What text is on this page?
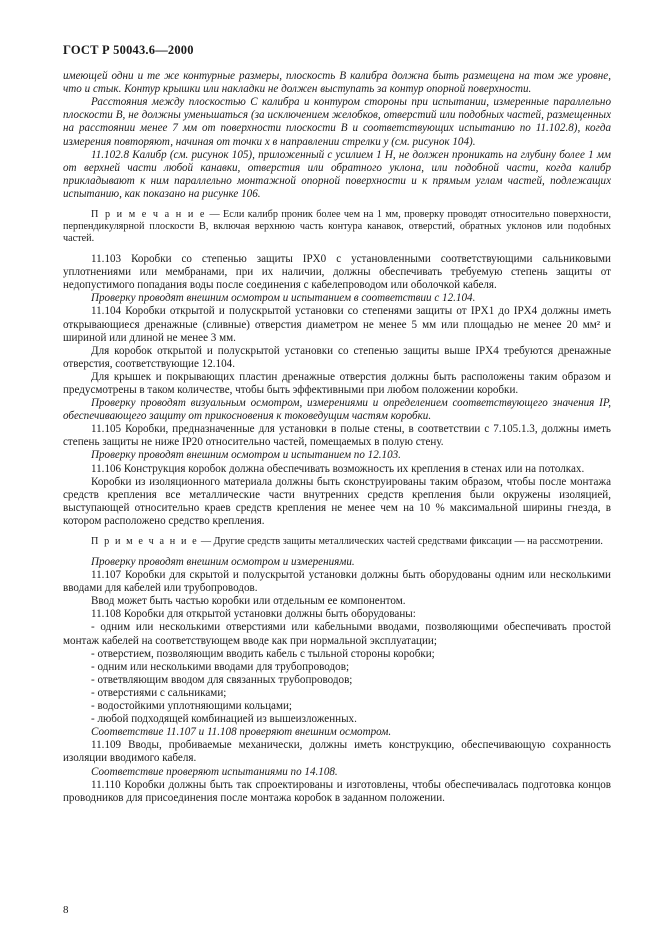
ГОСТ Р 50043.6—2000

имеющей одни и те же контурные размеры, плоскость B калибра должна быть размещена на том же уровне, что и стык. Контур крышки или накладки не должен выступать за контур опорной поверхности.

Расстояния между плоскостью C калибра и контуром стороны при испытании, измеренные параллельно плоскости B, не должны уменьшаться (за исключением желобков, отверстий или подобных частей, размещенных на расстоянии менее 7 мм от поверхности плоскости B и соответствующих испытанию по 11.102.8), когда измерения повторяют, начиная от точки x в направлении стрелки y (см. рисунок 104).

11.102.8 Калибр (см. рисунок 105), приложенный с усилием 1 Н, не должен проникать на глубину более 1 мм от верхней части любой канавки, отверстия или обратного уклона, или подобной части, когда калибр прикладывают к ним параллельно монтажной опорной поверхности и к прямым углам частей, подлежащих испытанию, как показано на рисунке 106.

П р и м е ч а н и е — Если калибр проник более чем на 1 мм, проверку проводят относительно поверхности, перпендикулярной плоскости B, включая верхнюю часть контура канавок, отверстий, обратных уклонов или подобных частей.

11.103 Коробки со степенью защиты IPX0 с установленными соответствующими сальниковыми уплотнениями или мембранами, при их наличии, должны обеспечивать требуемую степень защиты от недопустимого попадания воды после соединения с кабелепроводом или оболочкой кабеля.

Проверку проводят внешним осмотром и испытанием в соответствии с 12.104.

11.104 Коробки открытой и полускрытой установки со степенями защиты от IPX1 до IPX4 должны иметь открывающиеся дренажные (сливные) отверстия диаметром не менее 5 мм или площадью не менее 20 мм² и шириной или длиной не менее 3 мм.

Для коробок открытой и полускрытой установки со степенью защиты выше IPX4 требуются дренажные отверстия, соответствующие 12.104.

Для крышек и покрывающих пластин дренажные отверстия должны быть расположены таким образом и предусмотрены в таком количестве, чтобы быть эффективными при любом положении коробки.

Проверку проводят визуальным осмотром, измерениями и определением соответствующего значения IP, обеспечивающего защиту от прикосновения к токоведущим частям коробки.

11.105 Коробки, предназначенные для установки в полые стены, в соответствии с 7.105.1.3, должны иметь степень защиты не ниже IP20 относительно частей, помещаемых в полую стену.

Проверку проводят внешним осмотром и испытанием по 12.103.

11.106 Конструкция коробок должна обеспечивать возможность их крепления в стенах или на потолках.

Коробки из изоляционного материала должны быть сконструированы таким образом, чтобы после монтажа средств крепления все металлические части внутренних средств крепления были окружены изоляцией, выступающей относительно краев средств крепления не менее чем на 10 % максимальной ширины гнезда, в котором расположено средство крепления.

П р и м е ч а н и е — Другие средств защиты металлических частей средствами фиксации — на рассмотрении.

Проверку проводят внешним осмотром и измерениями.

11.107 Коробки для скрытой и полускрытой установки должны быть оборудованы одним или несколькими вводами для кабелей или трубопроводов.

Ввод может быть частью коробки или отдельным ее компонентом.

11.108 Коробки для открытой установки должны быть оборудованы:

- одним или несколькими отверстиями или кабельными вводами, позволяющими обеспечивать простой монтаж кабелей на соответствующем вводе как при нормальной эксплуатации;

- отверстием, позволяющим вводить кабель с тыльной стороны коробки;

- одним или несколькими вводами для трубопроводов;

- ответвляющим вводом для связанных трубопроводов;

- отверстиями с сальниками;

- водостойкими уплотняющими кольцами;

- любой подходящей комбинацией из вышеизложенных.

Соответствие 11.107 и 11.108 проверяют внешним осмотром.

11.109 Вводы, пробиваемые механически, должны иметь конструкцию, обеспечивающую сохранность изоляции вводимого кабеля.

Соответствие проверяют испытаниями по 14.108.

11.110 Коробки должны быть так спроектированы и изготовлены, чтобы обеспечивалась подготовка концов проводников для присоединения после монтажа коробок в заданном положении.

8
